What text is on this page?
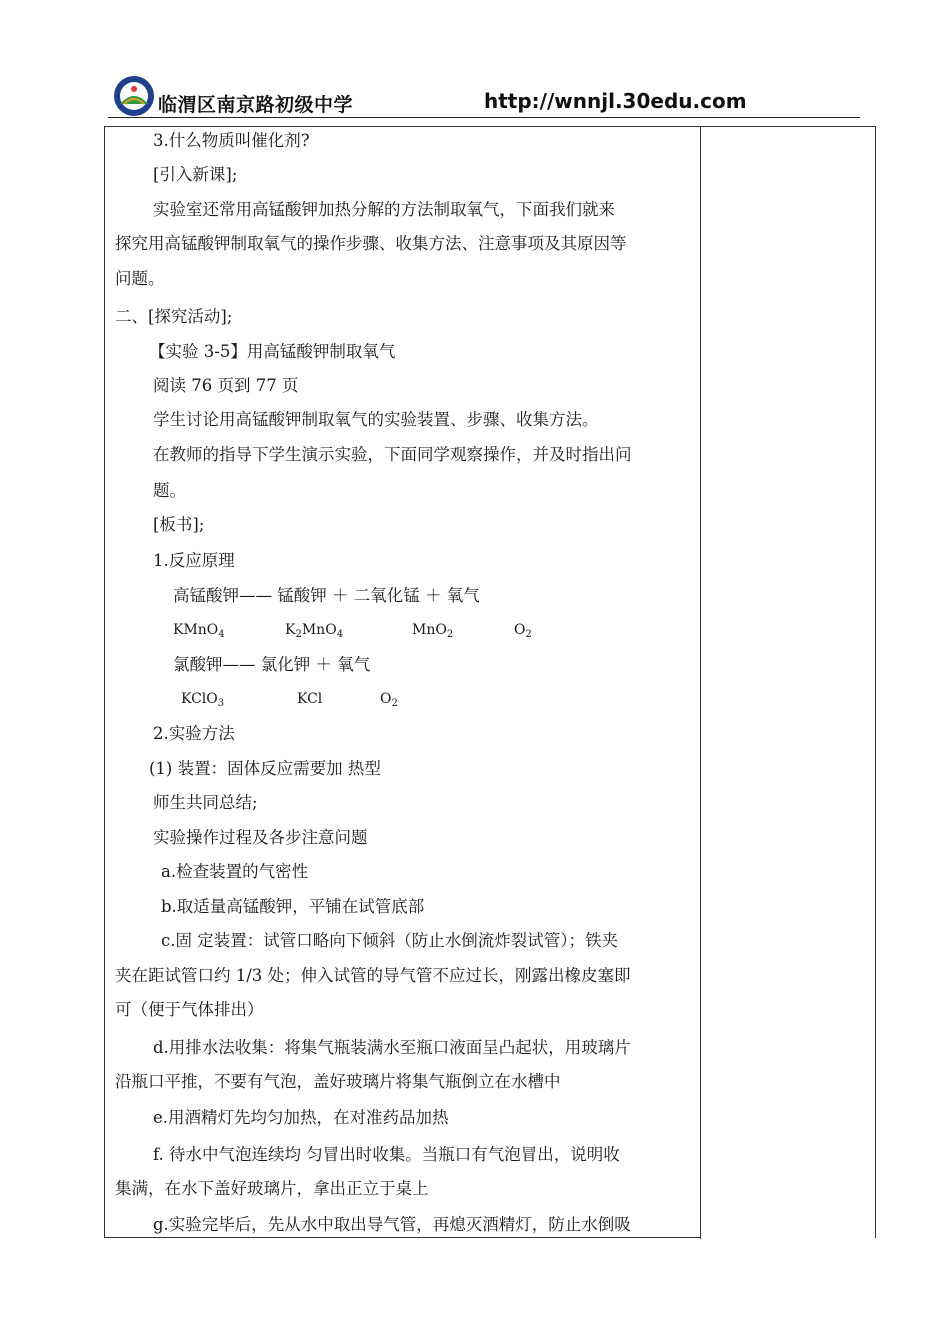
临渭区南京路初级中学	http://wnnjl.30edu.com
3.什么物质叫催化剂?
[引入新课];
实验室还常用高锰酸钾加热分解的方法制取氧气，下面我们就来
探究用高锰酸钾制取氧气的操作步骤、收集方法、注意事项及其原因等
问题。
二、[探究活动];
【实验 3-5】用高锰酸钾制取氧气
阅读 76 页到 77 页
学生讨论用高锰酸钾制取氧气的实验装置、步骤、收集方法。
在教师的指导下学生演示实验，下面同学观察操作，并及时指出问
题。
[板书];
1.反应原理
高锰酸钾—— 锰酸钾 ＋ 二氧化锰 ＋ 氧气
KMnO$_4$	$K_2MnO_4$	MnO$_2$	$O_2$
氯酸钾—— 氯化钾 ＋ 氧气
KClO$_3$	KCl	$O_2$
2.实验方法
(1) 装置：固体反应需要加 热型
师生共同总结;
实验操作过程及各步注意问题
a.检查装置的气密性
b.取适量高锰酸钾，平铺在试管底部
c.固 定装置：试管口略向下倾斜（防止水倒流炸裂试管）；铁夹
夹在距试管口约 1/3 处；伸入试管的导气管不应过长，刚露出橡皮塞即
可（便于气体排出）
d.用排水法收集：将集气瓶装满水至瓶口液面呈凸起状，用玻璃片
沿瓶口平推，不要有气泡，盖好玻璃片将集气瓶倒立在水槽中
e.用酒精灯先均匀加热，在对准药品加热
f. 待水中气泡连续均 匀冒出时收集。当瓶口有气泡冒出，说明收
集满，在水下盖好玻璃片，拿出正立于桌上
g.实验完毕后，先从水中取出导气管，再熄灭酒精灯，防止水倒吸
